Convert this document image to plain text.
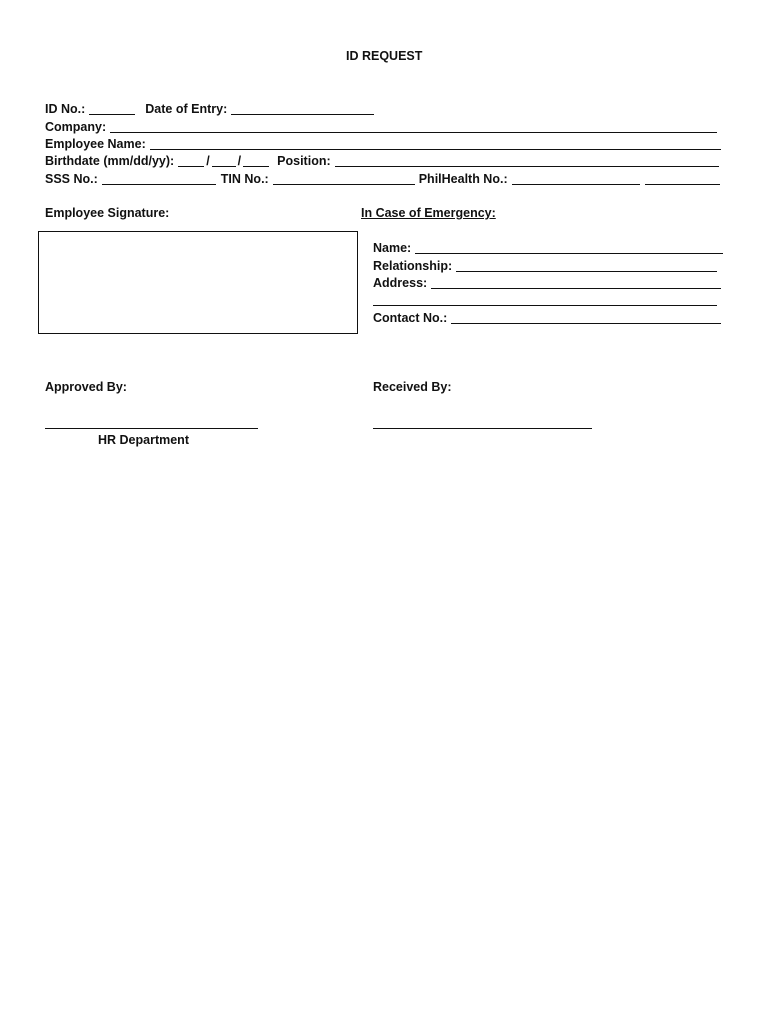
ID REQUEST
ID No.:	Date of Entry:
Company:
Employee Name:
Birthdate (mm/dd/yy):	/ /	Position:
SSS No.:	TIN No.:	PhilHealth No.:
Employee Signature:	In Case of Emergency:
Name:
Relationship:
Address:
Contact No.:
Approved By:	Received By:
HR Department
